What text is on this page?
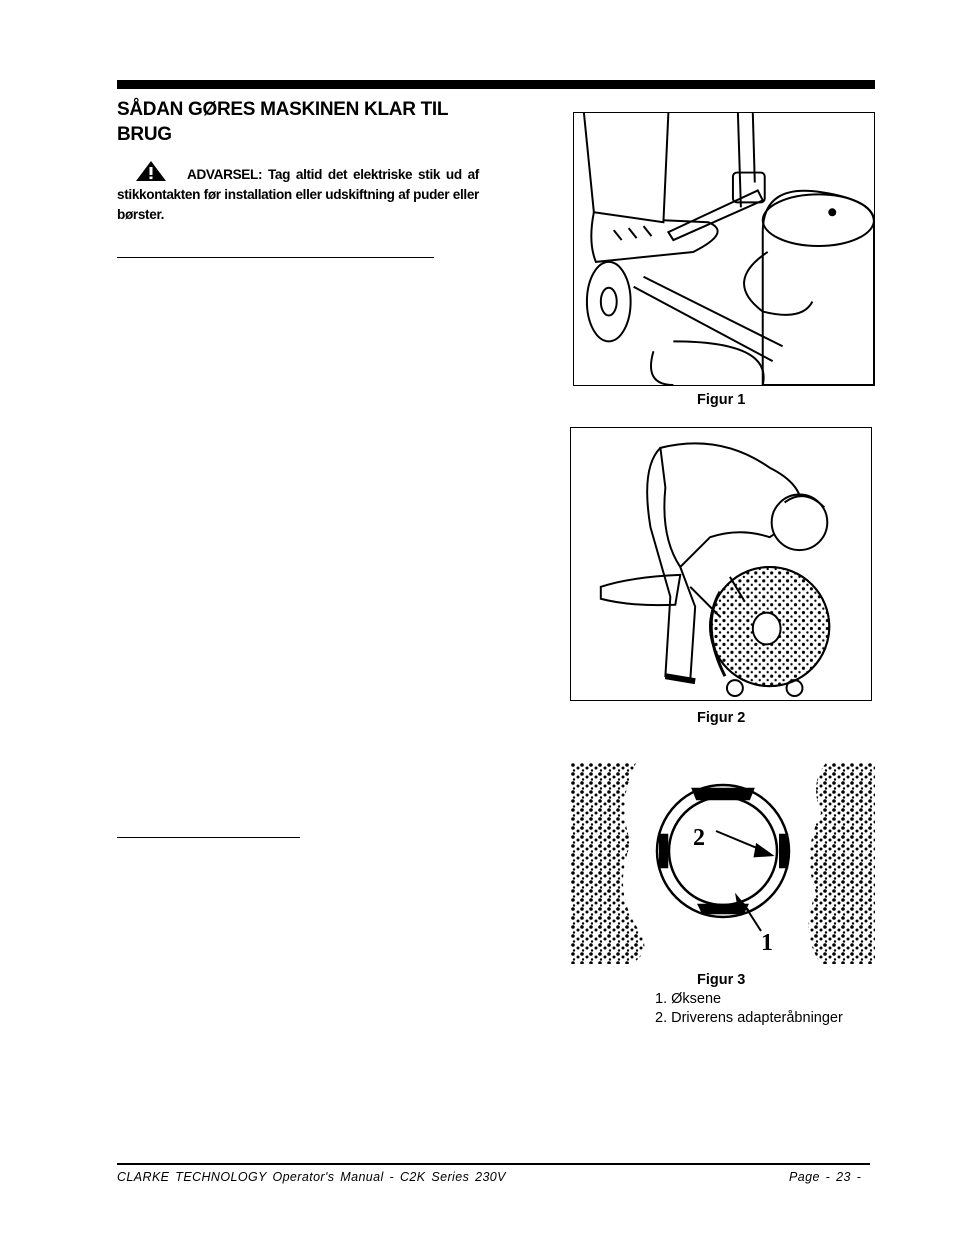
SÅDAN GØRES MASKINEN KLAR TIL BRUG
ADVARSEL: Tag altid det elektriske stik ud af stikkontakten før installation eller udskiftning af puder eller børster.
Figur 1
Figur 2
2
1
Figur 3
1. Øksene
2. Driverens adapteråbninger
CLARKE TECHNOLOGY Operator's Manual - C2K Series 230V	Page - 23 -
